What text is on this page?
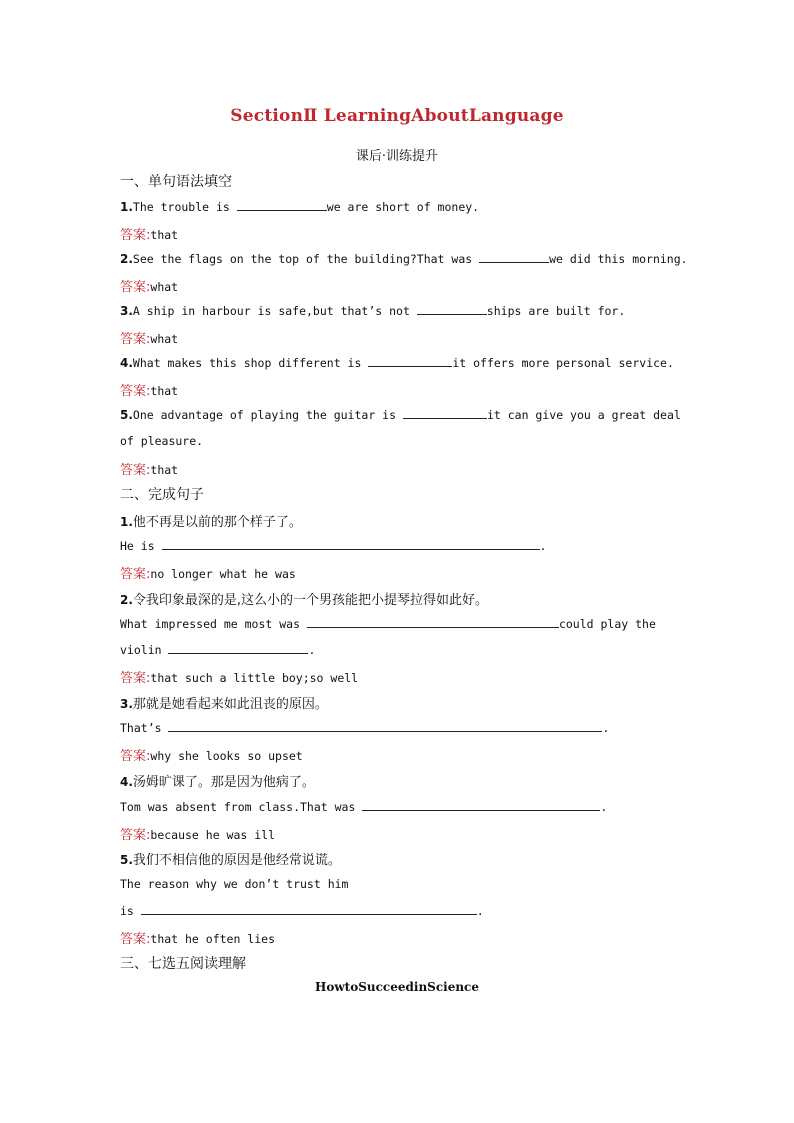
SectionⅡ LearningAboutLanguage
课后·训练提升
一、单句语法填空
1.The trouble is	we are short of money.
答案:that
2.See the flags on the top of the building?That was	we did this morning.
答案:what
3.A ship in harbour is safe,but that’s not	ships are built for.
答案:what
4.What makes this shop different is	it offers more personal service.
答案:that
5.One advantage of playing the guitar is	it can give you a great deal
of pleasure.
答案:that
二、完成句子
1.他不再是以前的那个样子了。
He is	.
答案:no longer what he was
2.令我印象最深的是,这么小的一个男孩能把小提琴拉得如此好。
What impressed me most was	could play the
violin	.
答案:that such a little boy;so well
3.那就是她看起来如此沮丧的原因。
That’s	.
答案:why she looks so upset
4.汤姆旷课了。那是因为他病了。
Tom was absent from class.That was	.
答案:because he was ill
5.我们不相信他的原因是他经常说谎。
The reason why we don’t trust him
is	.
答案:that he often lies
三、七选五阅读理解
HowtoSucceedinScience
